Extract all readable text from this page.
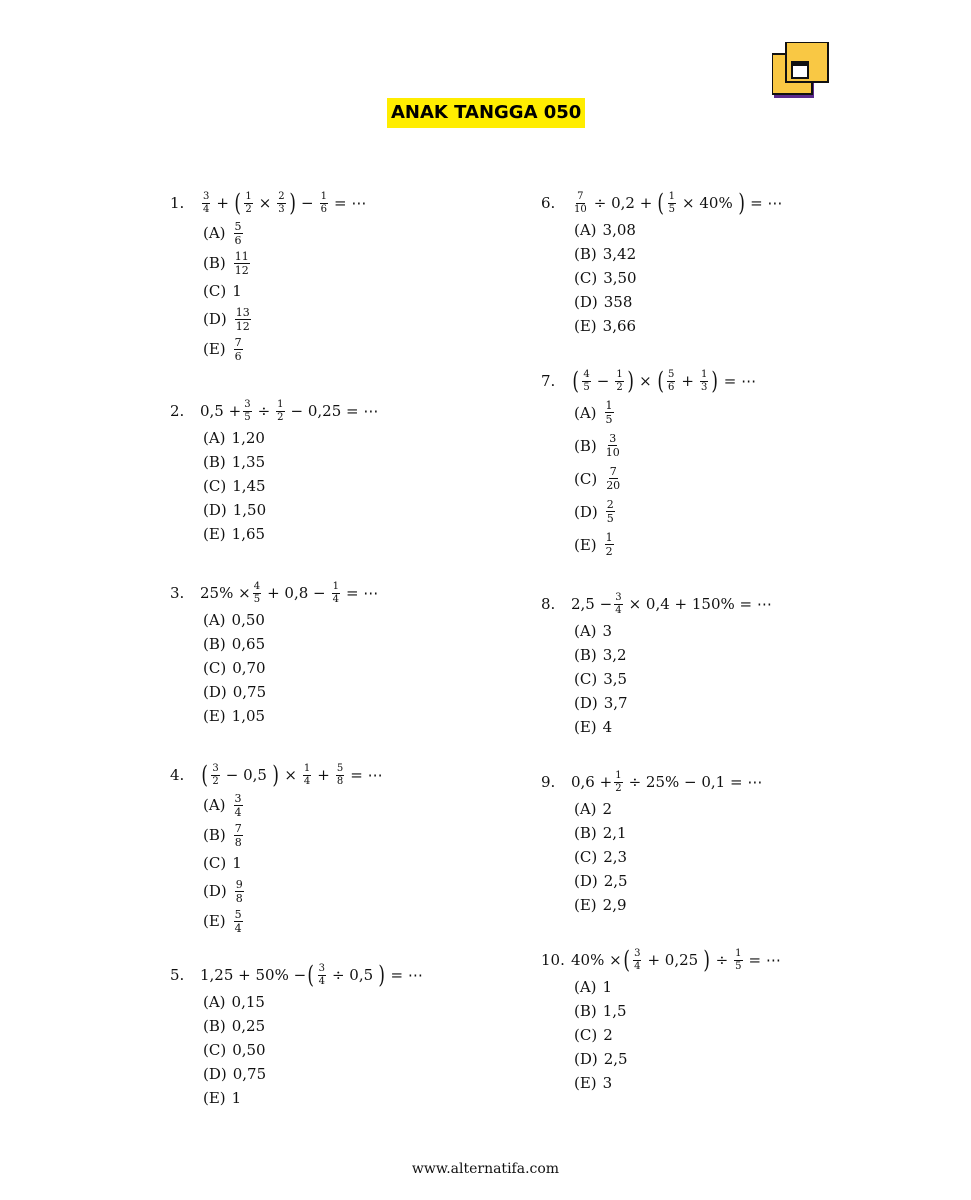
ANAK TANGGA 050
1.	$\frac{3}{4}$ + ( $\frac{1}{2} \times \frac{2}{3}$ ) − $\frac{1}{6}$ = ⋯
$(A) \frac{5}{6}$
$(B) \frac{11}{12}$
(C) 1
$(D) \frac{13}{12}$
$(E) \frac{7}{6}$
2.	$0,5 + \frac{3}{5} \div \frac{1}{2} - 0,25$ = ⋯
(A) 1,20
(B) 1,35
(C) 1,45
(D) 1,50
(E) 1,65
3.	$25\% \times \frac{4}{5} + 0,8 - \frac{1}{4}$ = ⋯
(A) 0,50
(B) 0,65
(C) 0,70
(D) 0,75
(E) 1,05
4. ( $\frac{3}{2} - 0,5$ ) × $\frac{1}{4} + \frac{5}{8}$ = ⋯
$(A) \frac{3}{4}$
$(B) \frac{7}{8}$
(C) 1
$(D) \frac{9}{8}$
$(E) \frac{5}{4}$
5.	1,25 + 50% − ( $\frac{3}{4} \div 0,5$ ) = ⋯
(A) 0,15
(B) 0,25
(C) 0,50
(D) 0,75
(E) 1
6.	$\frac{7}{10} \div 0,2$ + ( $\frac{1}{5} \times 40\%$ ) = ⋯
(A) 3,08
(B) 3,42
(C) 3,50
(D) 358
(E) 3,66
7. ( $\frac{4}{5} - \frac{1}{2}$ ) × ( $\frac{5}{6} + \frac{1}{3}$ ) = ⋯
$(A) \frac{1}{5}$
$(B) \frac{3}{10}$
$(C) \frac{7}{20}$
$(D) \frac{2}{5}$
$(E) \frac{1}{2}$
8.	$2,5 - \frac{3}{4} \times 0,4 + 150\%$ = ⋯
(A) 3
(B) 3,2
(C) 3,5
(D) 3,7
(E) 4
9.	$0,6 + \frac{1}{2} \div 25\% - 0,1$ = ⋯
(A) 2
(B) 2,1
(C) 2,3
(D) 2,5
(E) 2,9
10. 40% × ( $\frac{3}{4} + 0,25$ ) ÷ $\frac{1}{5}$ = ⋯
(A) 1
(B) 1,5
(C) 2
(D) 2,5
(E) 3
www.alternatifa.com
